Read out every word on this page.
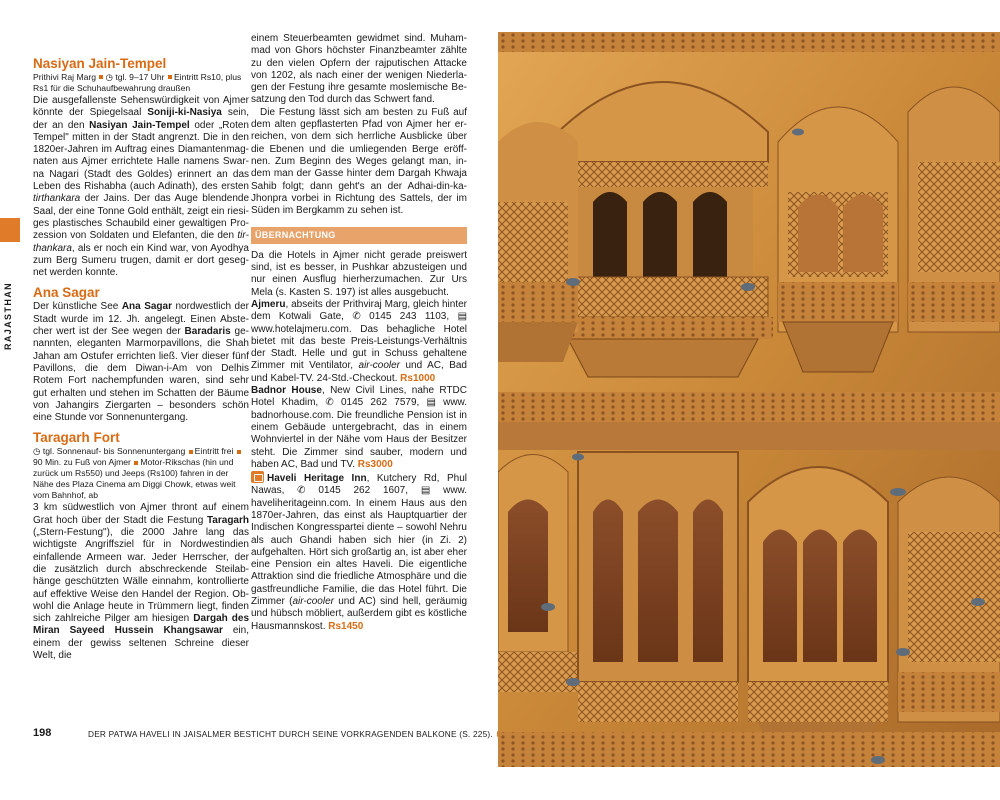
RAJASTHAN
Nasiyan Jain-Tempel
Prithivi Raj Marg ◷ tgl. 9–17 Uhr Eintritt Rs10, plus Rs1 für die Schuhaufbewahrung draußen

Die ausgefallenste Sehenswürdigkeit von Ajmer könnte der Spiegelsaal Soniji-ki-Nasiya sein, der an den Nasiyan Jain-Tempel oder „Roten Tempel" mitten in der Stadt angrenzt. Die in den 1820er-Jahren im Auftrag eines Diamantenmagnaten aus Ajmer errichtete Halle namens Swarna Nagari (Stadt des Goldes) erinnert an das Leben des Rishabha (auch Adinath), des ersten tirthankara der Jains. Der das Auge blendende Saal, der eine Tonne Gold enthält, zeigt ein riesiges plastisches Schaubild einer gewaltigen Prozession von Soldaten und Elefanten, die den tirthankara, als er noch ein Kind war, von Ayodhya zum Berg Sumeru trugen, damit er dort gesegnet werden konnte.

Ana Sagar

Der künstliche See Ana Sagar nordwestlich der Stadt wurde im 12. Jh. angelegt. Einen Abstecher wert ist der See wegen der Baradaris genannten, eleganten Marmorpavillons, die Shah Jahan am Ostufer errichten ließ. Vier dieser fünf Pavillons, die dem Diwan-i-Am von Delhis Rotem Fort nachempfunden waren, sind sehr gut erhalten und stehen im Schatten der Bäume von Jahangirs Ziergarten – besonders schön eine Stunde vor Sonnenuntergang.

Taragarh Fort
◷ tgl. Sonnenauf- bis Sonnenuntergang Eintritt frei 90 Min. zu Fuß von Ajmer Motor-Rikschas (hin und zurück um Rs550) und Jeeps (Rs100) fahren in der Nähe des Plaza Cinema am Diggi Chowk, etwas weit vom Bahnhof, ab

3 km südwestlich von Ajmer thront auf einem Grat hoch über der Stadt die Festung Taragarh („Stern-Festung"), die 2000 Jahre lang das wichtigste Angriffsziel für in Nordwestindien einfallende Armeen war. Jeder Herrscher, der die zusätzlich durch abschreckende Steilabhänge geschützten Wälle einnahm, kontrollierte auf effektive Weise den Handel der Region. Obwohl die Anlage heute in Trümmern liegt, finden sich zahlreiche Pilger am hiesigen Dargah des Miran Sayeed Hussein Khangsawar ein, einem der gewiss seltenen Schreine dieser Welt, die

einem Steuerbeamten gewidmet sind. Muhammad von Ghors höchster Finanzbeamter zählte zu den vielen Opfern der rajputischen Attacke von 1202, als nach einer der wenigen Niederlagen der Festung ihre gesamte moslemische Besatzung den Tod durch das Schwert fand.

Die Festung lässt sich am besten zu Fuß auf dem alten gepflasterten Pfad von Ajmer her erreichen, von dem sich herrliche Ausblicke über die Ebenen und die umliegenden Berge eröffnen. Zum Beginn des Weges gelangt man, indem man der Gasse hinter dem Dargah Khwaja Sahib folgt; dann geht's an der Adhai-din-ka-Jhonpra vorbei in Richtung des Sattels, der im Süden im Bergkamm zu sehen ist.

ÜBERNACHTUNG

Da die Hotels in Ajmer nicht gerade preiswert sind, ist es besser, in Pushkar abzusteigen und nur einen Ausflug hierherzumachen. Zur Urs Mela (s. Kasten S. 197) ist alles ausgebucht.

Ajmeru, abseits der Prithviraj Marg, gleich hinter dem Kotwali Gate, ✆ 0145 243 1103, ▤ www.hotelajmeru.com. Das behagliche Hotel bietet mit das beste Preis-Leistungs-Verhältnis der Stadt. Helle und gut in Schuss gehaltene Zimmer mit Ventilator, air-cooler und AC, Bad und Kabel-TV. 24-Std.-Checkout. Rs1000

Badnor House, New Civil Lines, nahe RTDC Hotel Khadim, ✆ 0145 262 7579, ▤ www. badnorhouse.com. Die freundliche Pension ist in einem Gebäude untergebracht, das in einem Wohnviertel in der Nähe vom Haus der Besitzer steht. Die Zimmer sind sauber, modern und haben AC, Bad und TV. Rs3000

Haveli Heritage Inn, Kutchery Rd, Phul Nawas, ✆ 0145 262 1607, ▤ www. haveliheritageinn.com. In einem Haus aus den 1870er-Jahren, das einst als Hauptquartier der Indischen Kongresspartei diente – sowohl Nehru als auch Ghandi haben sich hier (in Zi. 2) aufgehalten. Hört sich großartig an, ist aber eher eine Pension ein altes Haveli. Die eigentliche Attraktion sind die friedliche Atmosphäre und die gastfreundliche Familie, die das Hotel führt. Die Zimmer (air-cooler und AC) sind hell, geräumig und hübsch möbliert, außerdem gibt es köstliche Hausmannskost. Rs1450

198	DER PATWA HAVELI IN JAISALMER BESTICHT DURCH SEINE VORKRAGENDEN BALKONE (S. 225).
